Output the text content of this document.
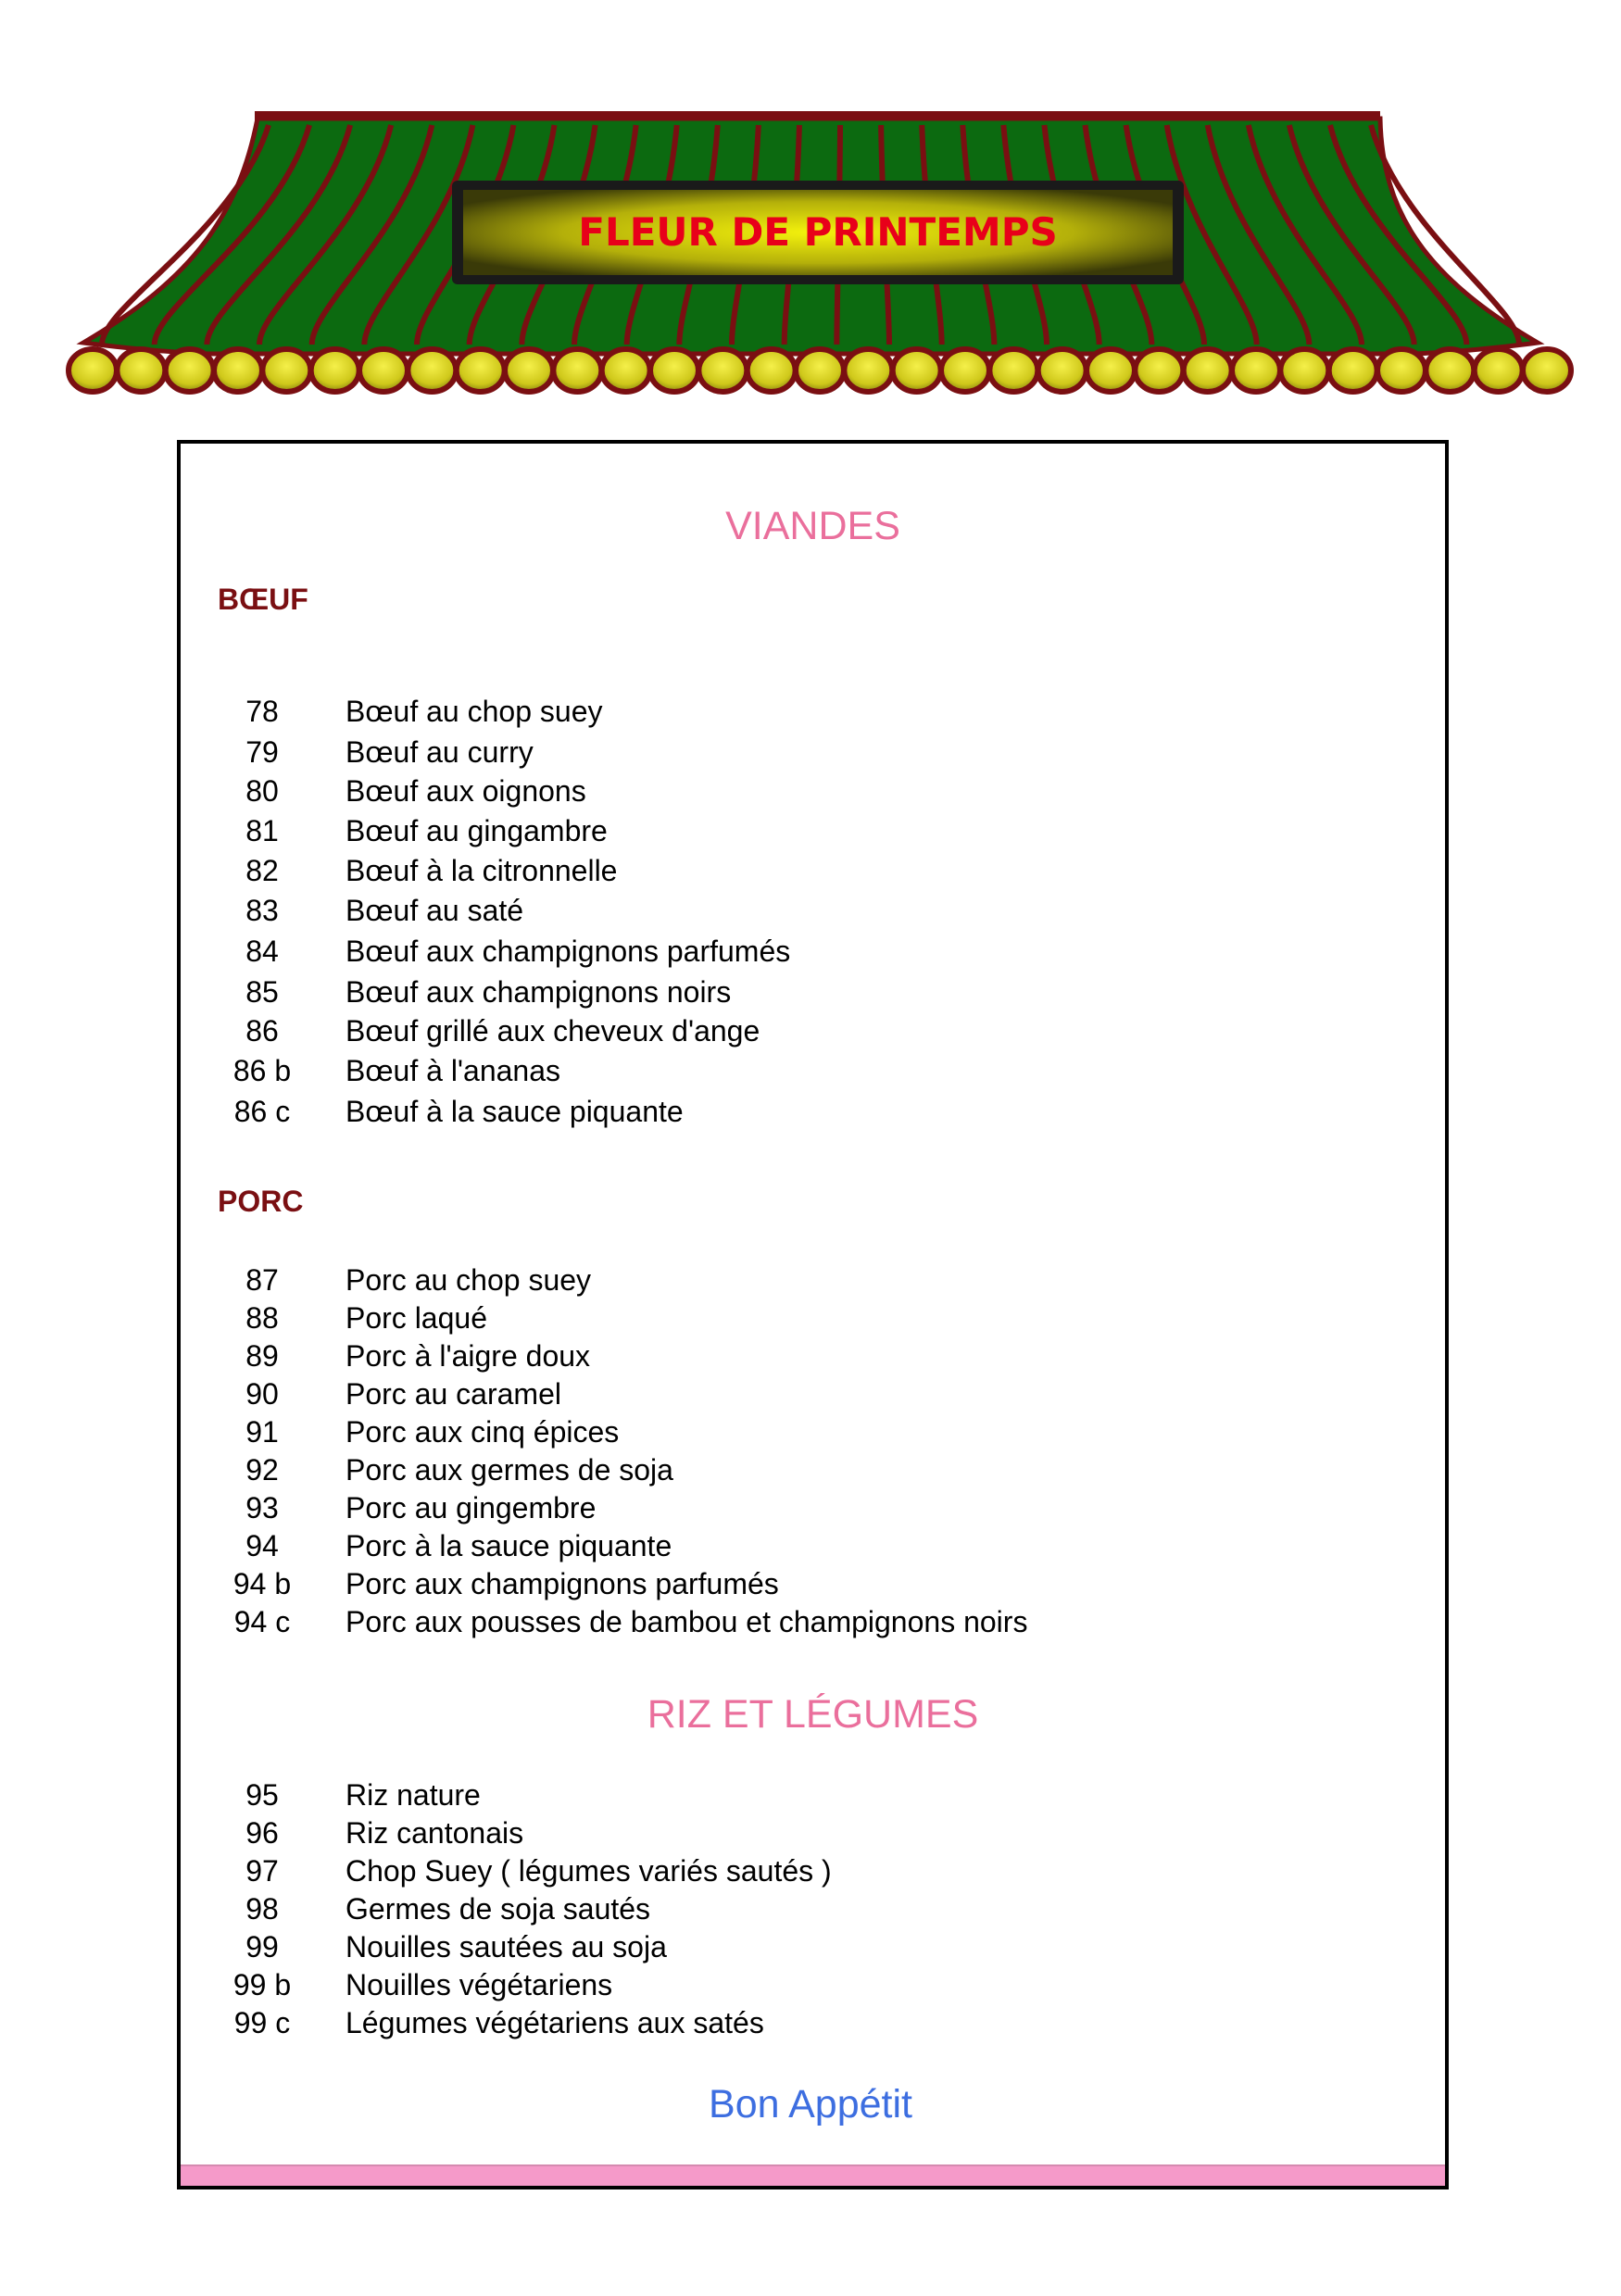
FLEUR DE PRINTEMPS
VIANDES
BŒUF
78	Bœuf au chop suey
79	Bœuf au curry
80	Bœuf aux oignons
81	Bœuf au gingambre
82	Bœuf à la citronnelle
83	Bœuf au saté
84	Bœuf aux champignons parfumés
85	Bœuf aux champignons noirs
86	Bœuf grillé aux cheveux d'ange
86 b	Bœuf à l'ananas
86 c	Bœuf à la sauce piquante
PORC
87	Porc au chop suey
88	Porc laqué
89	Porc à l'aigre doux
90	Porc au caramel
91	Porc aux cinq épices
92	Porc aux germes de soja
93	Porc au gingembre
94	Porc à la sauce piquante
94 b	Porc aux champignons parfumés
94 c	Porc aux pousses de bambou et champignons noirs
RIZ ET LÉGUMES
95	Riz nature
96	Riz cantonais
97	Chop Suey ( légumes variés sautés )
98	Germes de soja sautés
99	Nouilles sautées au soja
99 b	Nouilles végétariens
99 c	Légumes végétariens aux satés
Bon Appétit
